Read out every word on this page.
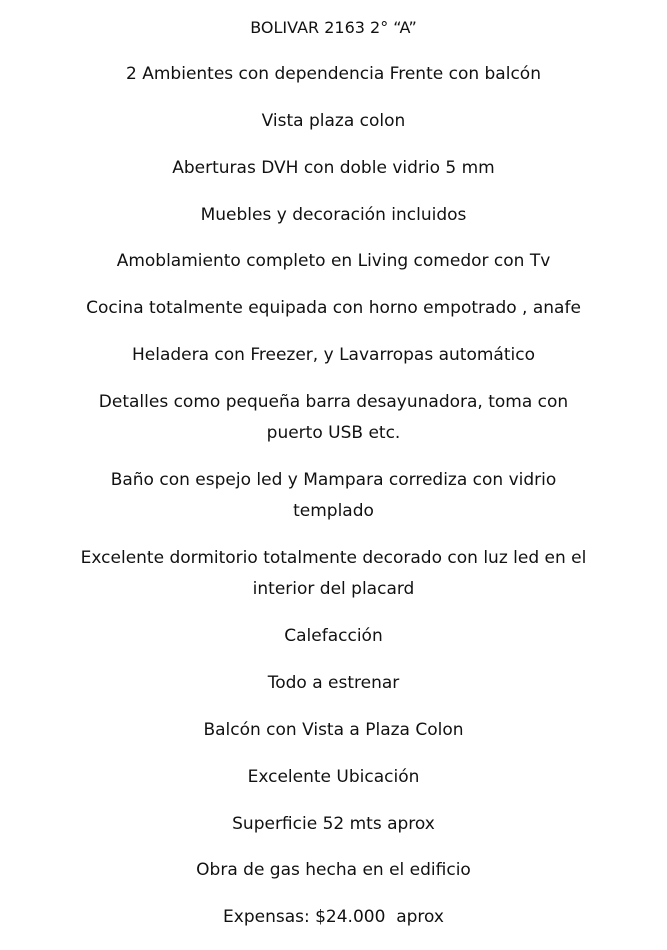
BOLIVAR 2163 2° “A”
2 Ambientes con dependencia Frente con balcón
Vista plaza colon
Aberturas DVH con doble vidrio 5 mm
Muebles y decoración incluidos
Amoblamiento completo en Living comedor con Tv
Cocina totalmente equipada con horno empotrado , anafe
Heladera con Freezer, y Lavarropas automático
Detalles como pequeña barra desayunadora, toma con
puerto USB etc.
Baño con espejo led y Mampara corrediza con vidrio
templado
Excelente dormitorio totalmente decorado con luz led en el
interior del placard
Calefacción
Todo a estrenar
Balcón con Vista a Plaza Colon
Excelente Ubicación
Superficie 52 mts aprox
Obra de gas hecha en el edificio
Expensas: $24.000  aprox
